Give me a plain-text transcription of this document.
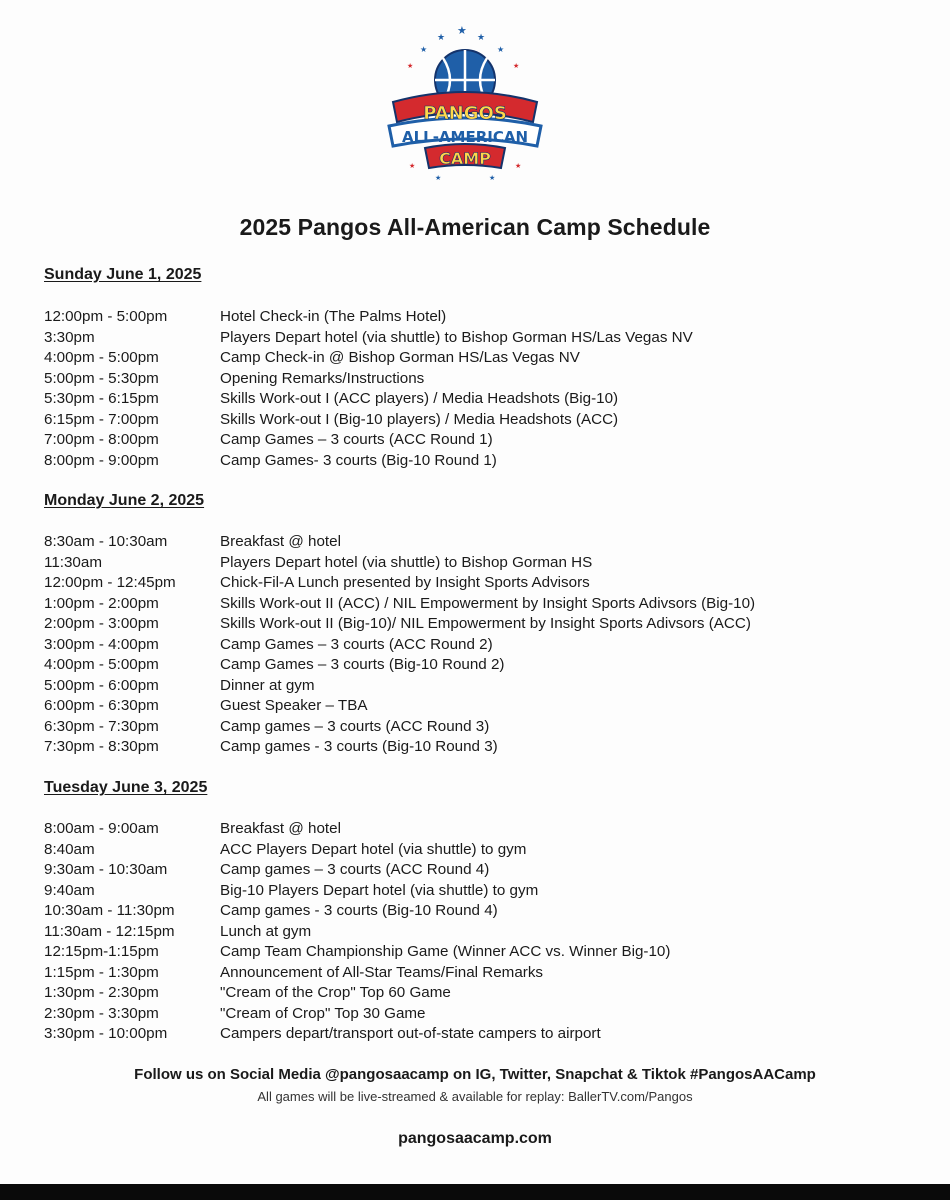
★
★	★
★	★
★	★
PANGOS
ALL-AMERICAN
CAMP
★	★
★	★
2025 Pangos All-American Camp Schedule
Sunday June 1, 2025
12:00pm - 5:00pm	Hotel Check-in (The Palms Hotel)
3:30pm	Players Depart hotel (via shuttle) to Bishop Gorman HS/Las Vegas NV
4:00pm - 5:00pm	Camp Check-in @ Bishop Gorman HS/Las Vegas NV
5:00pm - 5:30pm	Opening Remarks/Instructions
5:30pm - 6:15pm	Skills Work-out I (ACC players) / Media Headshots (Big-10)
6:15pm - 7:00pm	Skills Work-out I (Big-10 players) / Media Headshots (ACC)
7:00pm - 8:00pm	Camp Games – 3 courts (ACC Round 1)
8:00pm - 9:00pm	Camp Games- 3 courts (Big-10 Round 1)
Monday June 2, 2025
8:30am - 10:30am	Breakfast @ hotel
11:30am	Players Depart hotel (via shuttle) to Bishop Gorman HS
12:00pm - 12:45pm	Chick-Fil-A Lunch presented by Insight Sports Advisors
1:00pm - 2:00pm	Skills Work-out II (ACC) / NIL Empowerment by Insight Sports Adivsors (Big-10)
2:00pm - 3:00pm	Skills Work-out II (Big-10)/ NIL Empowerment by Insight Sports Adivsors (ACC)
3:00pm - 4:00pm	Camp Games – 3 courts (ACC Round 2)
4:00pm - 5:00pm	Camp Games – 3 courts (Big-10 Round 2)
5:00pm - 6:00pm	Dinner at gym
6:00pm - 6:30pm	Guest Speaker – TBA
6:30pm - 7:30pm	Camp games – 3 courts (ACC Round 3)
7:30pm - 8:30pm	Camp games - 3 courts (Big-10 Round 3)
Tuesday June 3, 2025
8:00am - 9:00am	Breakfast @ hotel
8:40am	ACC Players Depart hotel (via shuttle) to gym
9:30am - 10:30am	Camp games – 3 courts (ACC Round 4)
9:40am	Big-10 Players Depart hotel (via shuttle) to gym
10:30am - 11:30pm	Camp games - 3 courts (Big-10 Round 4)
11:30am - 12:15pm	Lunch at gym
12:15pm-1:15pm	Camp Team Championship Game (Winner ACC vs. Winner Big-10)
1:15pm - 1:30pm	Announcement of All-Star Teams/Final Remarks
1:30pm - 2:30pm	"Cream of the Crop" Top 60 Game
2:30pm - 3:30pm	"Cream of Crop" Top 30 Game
3:30pm - 10:00pm	Campers depart/transport out-of-state campers to airport
Follow us on Social Media @pangosaacamp on IG, Twitter, Snapchat & Tiktok #PangosAACamp
All games will be live-streamed & available for replay: BallerTV.com/Pangos
pangosaacamp.com
